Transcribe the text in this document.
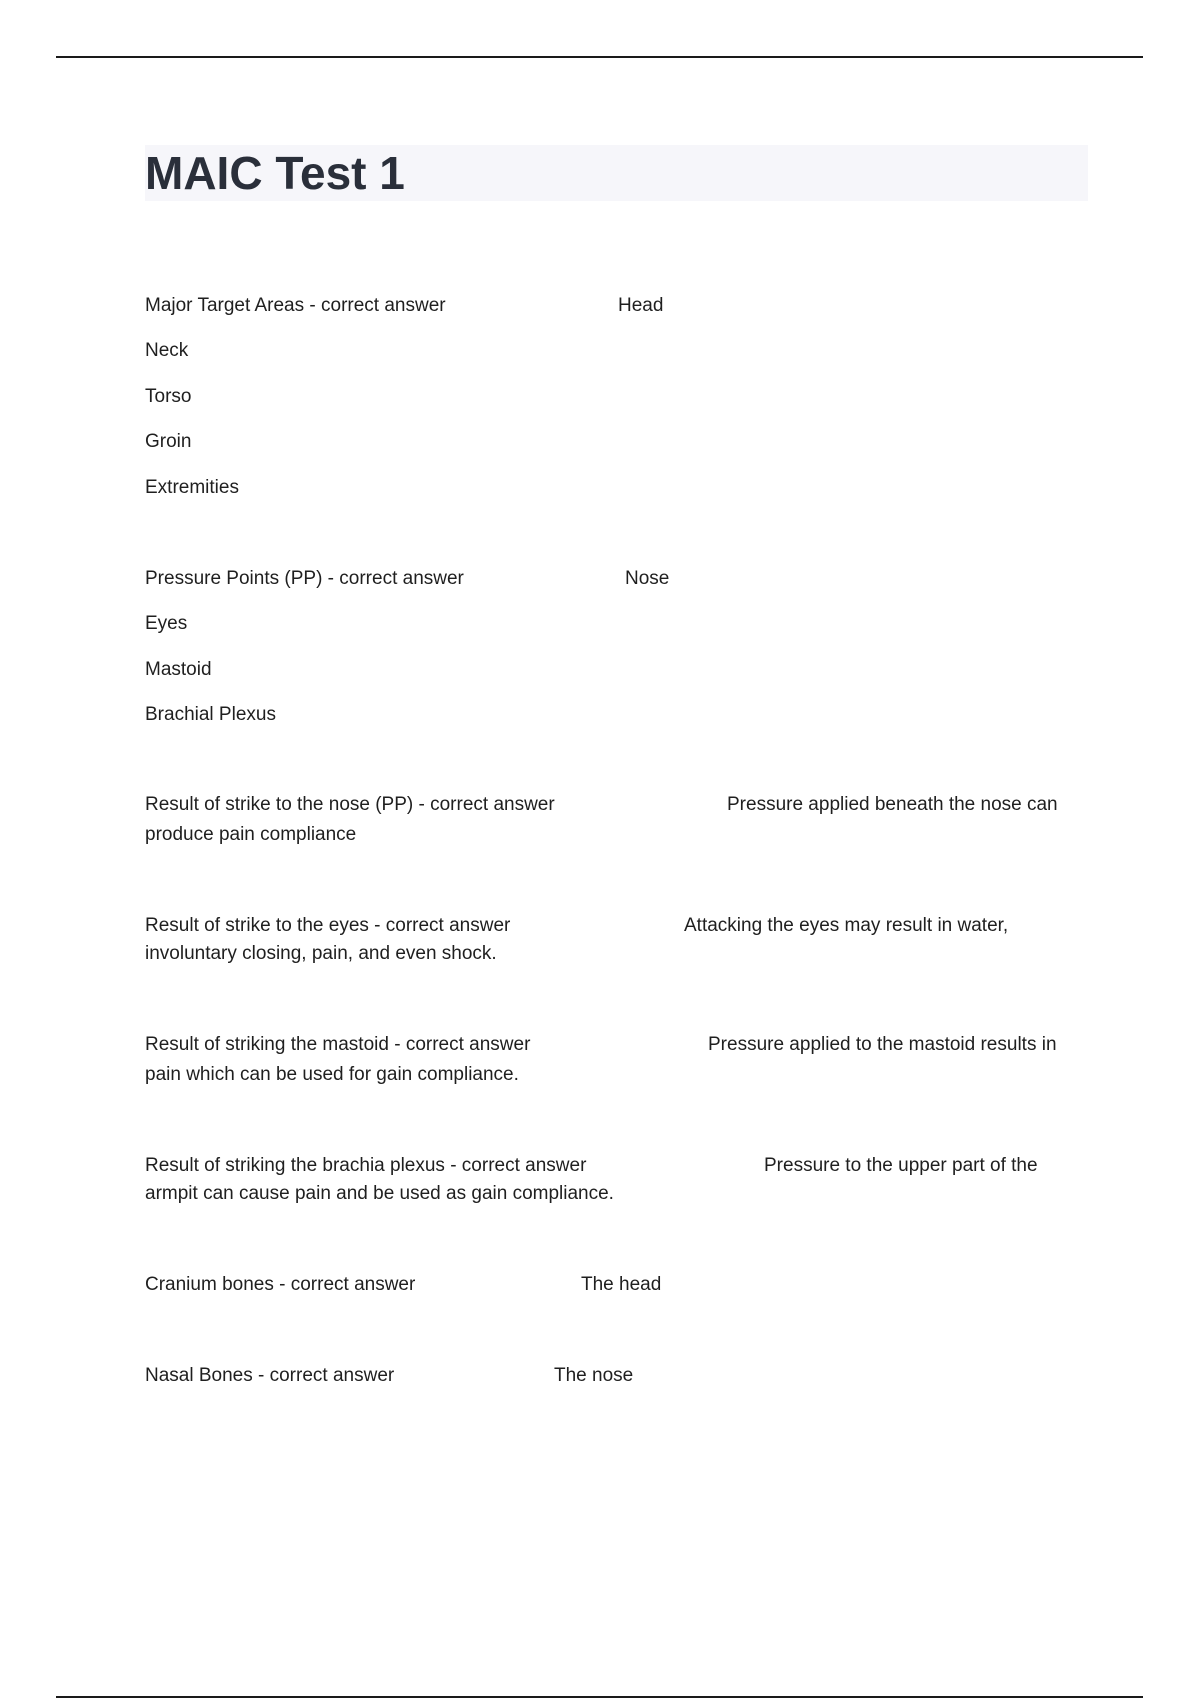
MAIC Test 1
Major Target Areas - correct answer	Head
Neck
Torso
Groin
Extremities
Pressure Points (PP) - correct answer	Nose
Eyes
Mastoid
Brachial Plexus
Result of strike to the nose (PP) - correct answer	Pressure applied beneath the nose can
produce pain compliance
Result of strike to the eyes - correct answer	Attacking the eyes may result in water,
involuntary closing, pain, and even shock.
Result of striking the mastoid - correct answer	Pressure applied to the mastoid results in
pain which can be used for gain compliance.
Result of striking the brachia plexus - correct answer	Pressure to the upper part of the
armpit can cause pain and be used as gain compliance.
Cranium bones - correct answer	The head
Nasal Bones - correct answer	The nose
